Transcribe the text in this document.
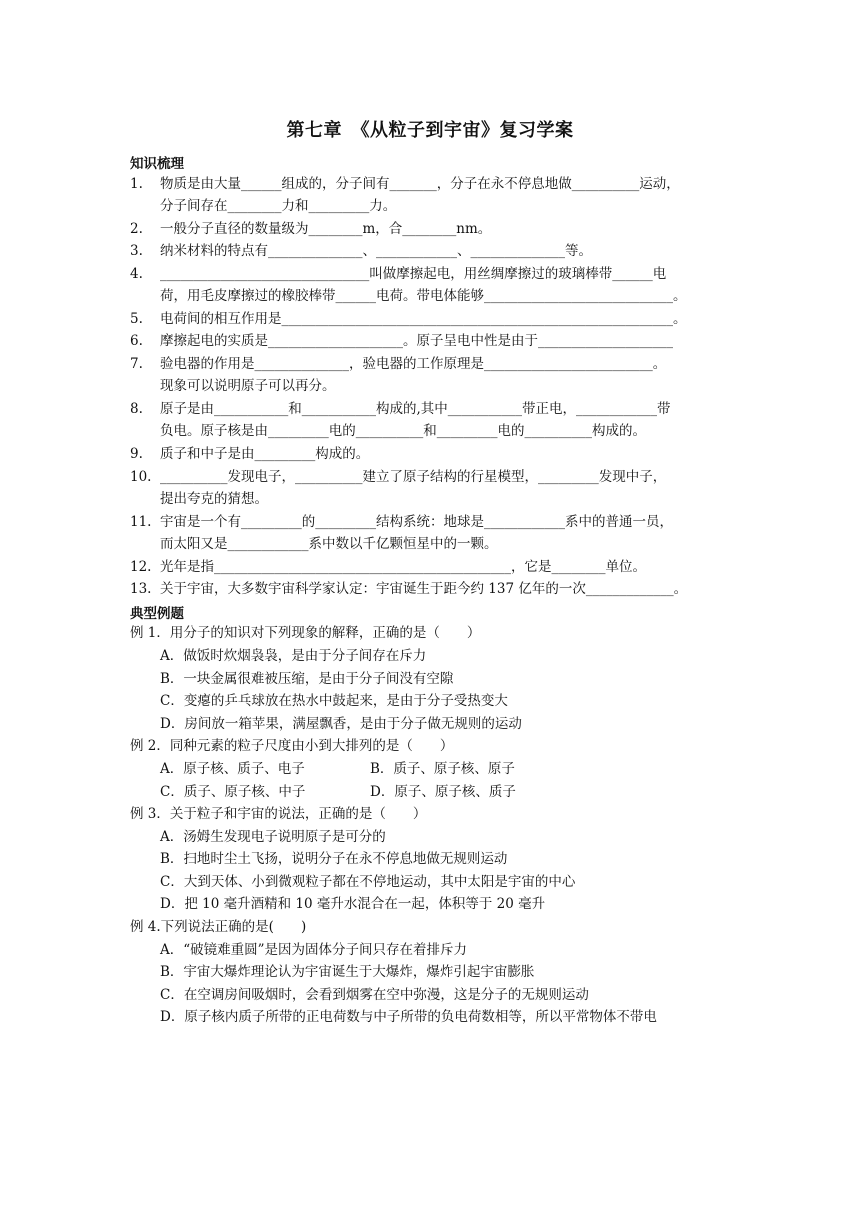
第七章　《从粒子到宇宙》复习学案
知识梳理
1. 物质是由大量______组成的，分子间有_______，分子在永不停息地做__________运动，
分子间存在________力和_________力。
2. 一般分子直径的数量级为________m，合________nm。
3. 纳米材料的特点有______________、____________、______________等。
4. _______________________________叫做摩擦起电，用丝绸摩擦过的玻璃棒带______电
荷，用毛皮摩擦过的橡胶棒带______电荷。带电体能够____________________________。
5. 电荷间的相互作用是__________________________________________________________。
6. 摩擦起电的实质是____________________。原子呈电中性是由于____________________
7. 验电器的作用是______________，验电器的工作原理是_________________________。
现象可以说明原子可以再分。
8. 原子是由___________和___________构成的,其中___________带正电，____________带
负电。原子核是由_________电的__________和_________电的__________构成的。
9. 质子和中子是由_________构成的。
10. __________发现电子，__________建立了原子结构的行星模型，_________发现中子，
提出夸克的猜想。
11. 宇宙是一个有_________的_________结构系统：地球是____________系中的普通一员，
而太阳又是____________系中数以千亿颗恒星中的一颗。
12. 光年是指____________________________________________，它是________单位。
13. 关于宇宙，大多数宇宙科学家认定：宇宙诞生于距今约 137 亿年的一次_____________。
典型例题
例 1．用分子的知识对下列现象的解释，正确的是（　　）
A．做饭时炊烟袅袅，是由于分子间存在斥力
B．一块金属很难被压缩，是由于分子间没有空隙
C．变瘪的乒乓球放在热水中鼓起来，是由于分子受热变大
D．房间放一箱苹果，满屋飘香，是由于分子做无规则的运动
例 2．同种元素的粒子尺度由小到大排列的是（　　）
A．原子核、质子、电子	B．质子、原子核、原子
C．质子、原子核、中子	D．原子、原子核、质子
例 3．关于粒子和宇宙的说法，正确的是（　　）
A．汤姆生发现电子说明原子是可分的
B．扫地时尘土飞扬，说明分子在永不停息地做无规则运动
C．大到天体、小到微观粒子都在不停地运动，其中太阳是宇宙的中心
D．把 10 毫升酒精和 10 毫升水混合在一起，体积等于 20 毫升
例 4.下列说法正确的是(　　)
A．“破镜难重圆”是因为固体分子间只存在着排斥力
B．宇宙大爆炸理论认为宇宙诞生于大爆炸，爆炸引起宇宙膨胀
C．在空调房间吸烟时，会看到烟雾在空中弥漫，这是分子的无规则运动
D．原子核内质子所带的正电荷数与中子所带的负电荷数相等，所以平常物体不带电
